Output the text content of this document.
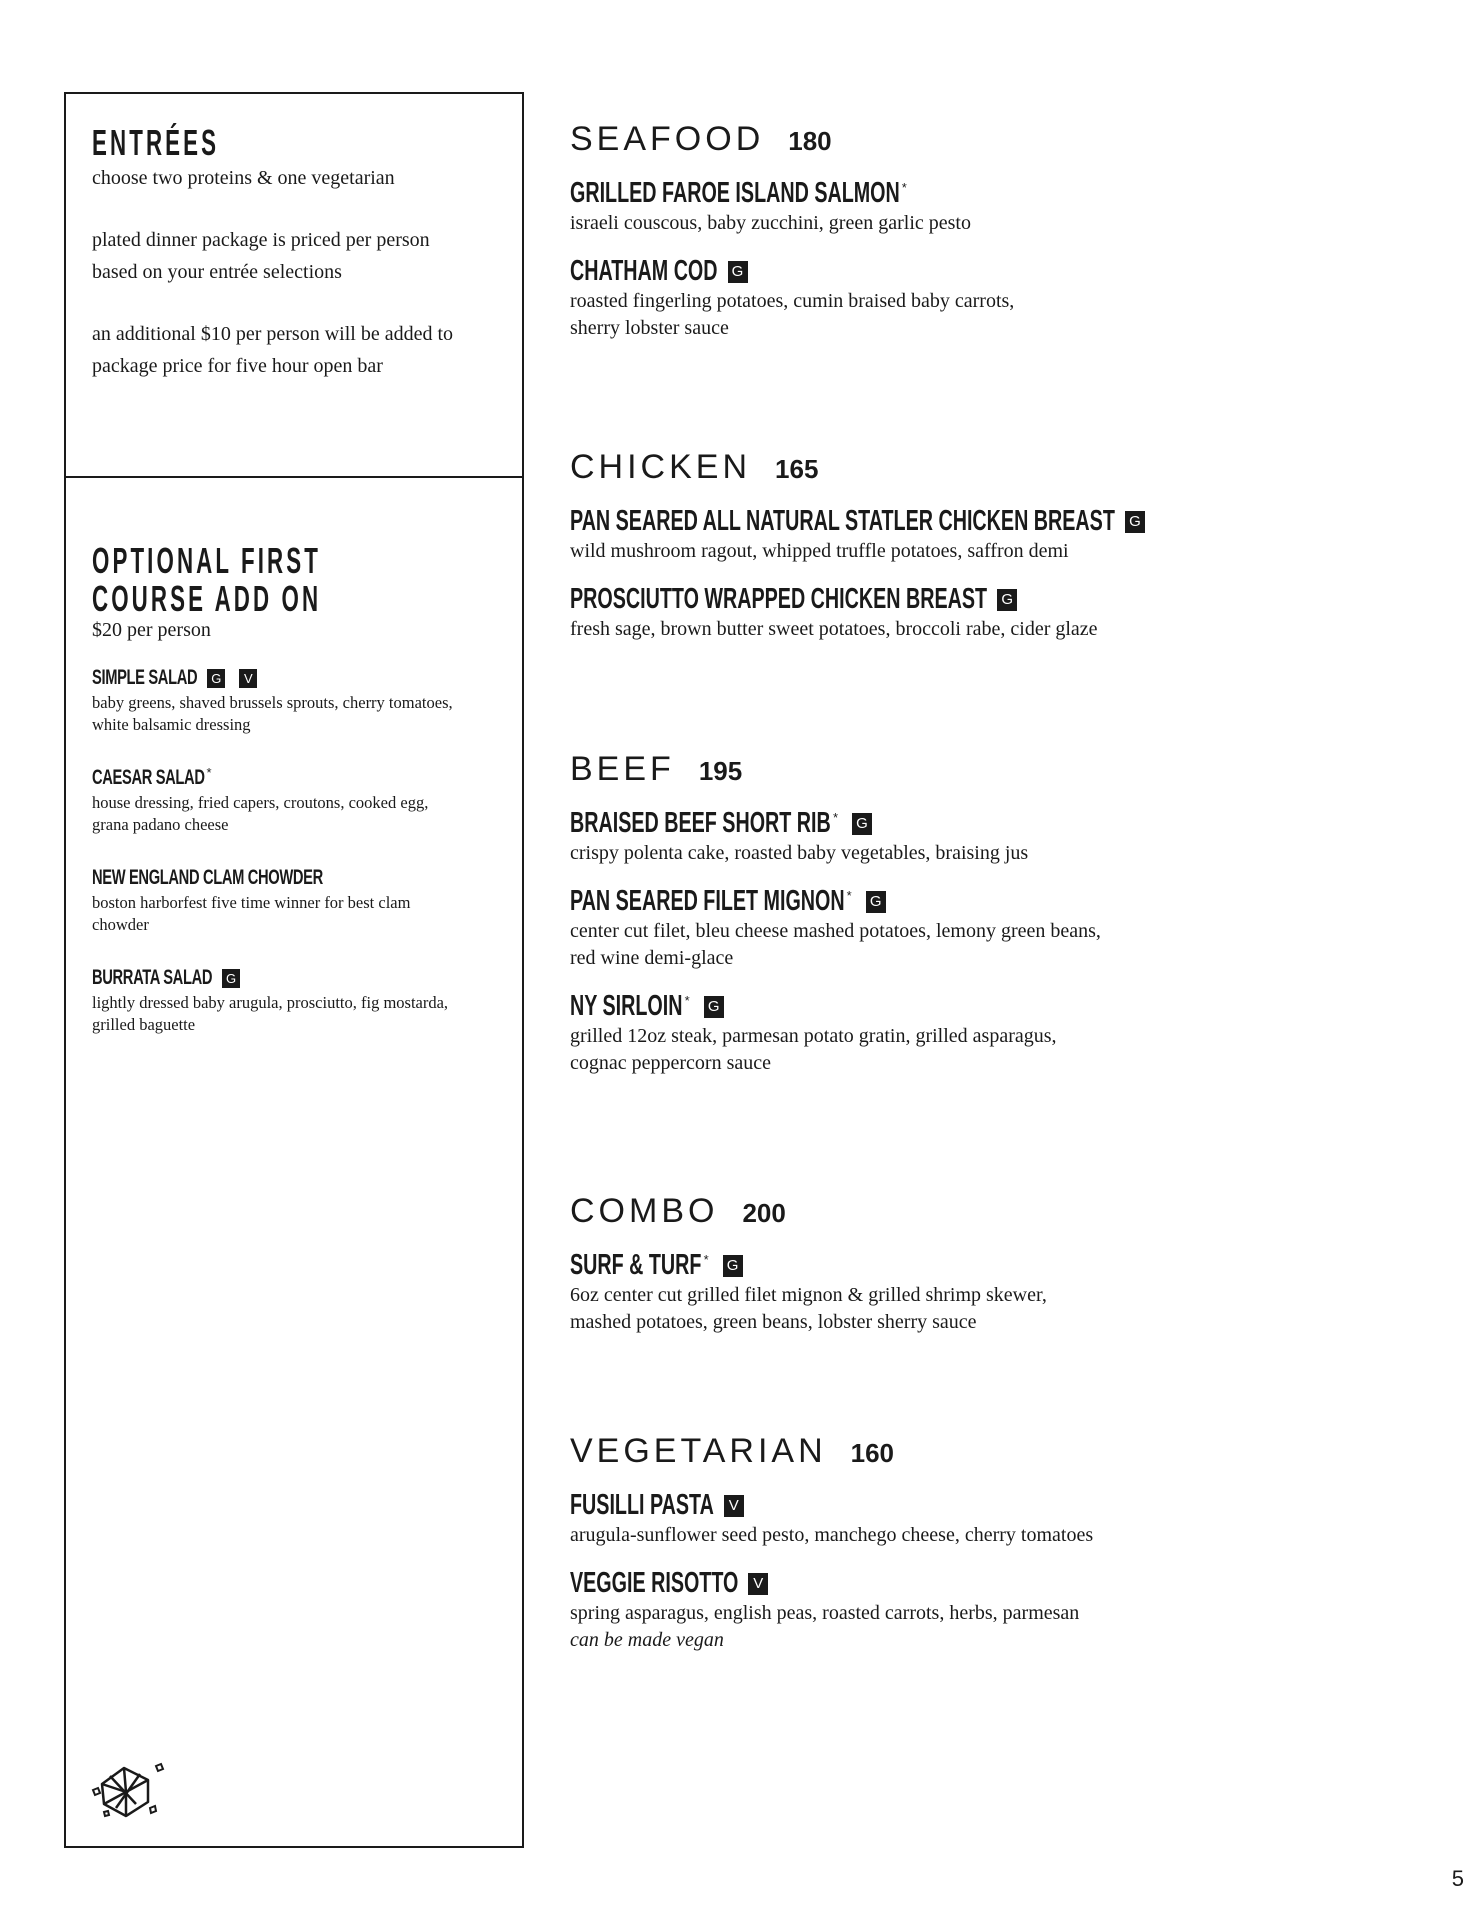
ENTRÉES

choose two proteins & one vegetarian

plated dinner package is priced per person

based on your entrée selections

an additional $10 per person will be added to

package price for five hour open bar

OPTIONAL FIRST
COURSE ADD ON
$20 per person
SIMPLE SALAD	G	V
baby greens, shaved brussels sprouts, cherry tomatoes,
white balsamic dressing
CAESAR SALAD *
house dressing, fried capers, croutons, cooked egg,
grana padano cheese
NEW ENGLAND CLAM CHOWDER
boston harborfest five time winner for best clam
chowder
BURRATA SALAD	G
lightly dressed baby arugula, prosciutto, fig mostarda,
grilled baguette
SEAFOOD 180
GRILLED FAROE ISLAND SALMON *
israeli couscous, baby zucchini, green garlic pesto
CHATHAM COD G
roasted fingerling potatoes, cumin braised baby carrots,
sherry lobster sauce
CHICKEN 165
PAN SEARED ALL NATURAL STATLER CHICKEN BREAST G
wild mushroom ragout, whipped truffle potatoes, saffron demi
PROSCIUTTO WRAPPED CHICKEN BREAST G
fresh sage, brown butter sweet potatoes, broccoli rabe, cider glaze
BEEF 195
BRAISED BEEF SHORT RIB * G
crispy polenta cake, roasted baby vegetables, braising jus
PAN SEARED FILET MIGNON * G
center cut filet, bleu cheese mashed potatoes, lemony green beans,
red wine demi-glace
NY SIRLOIN * G
grilled 12oz steak, parmesan potato gratin, grilled asparagus,
cognac peppercorn sauce
COMBO 200
SURF & TURF * G
6oz center cut grilled filet mignon & grilled shrimp skewer,
mashed potatoes, green beans, lobster sherry sauce
VEGETARIAN 160
FUSILLI PASTA V
arugula-sunflower seed pesto, manchego cheese, cherry tomatoes
VEGGIE RISOTTO V
spring asparagus, english peas, roasted carrots, herbs, parmesan
can be made vegan
5
